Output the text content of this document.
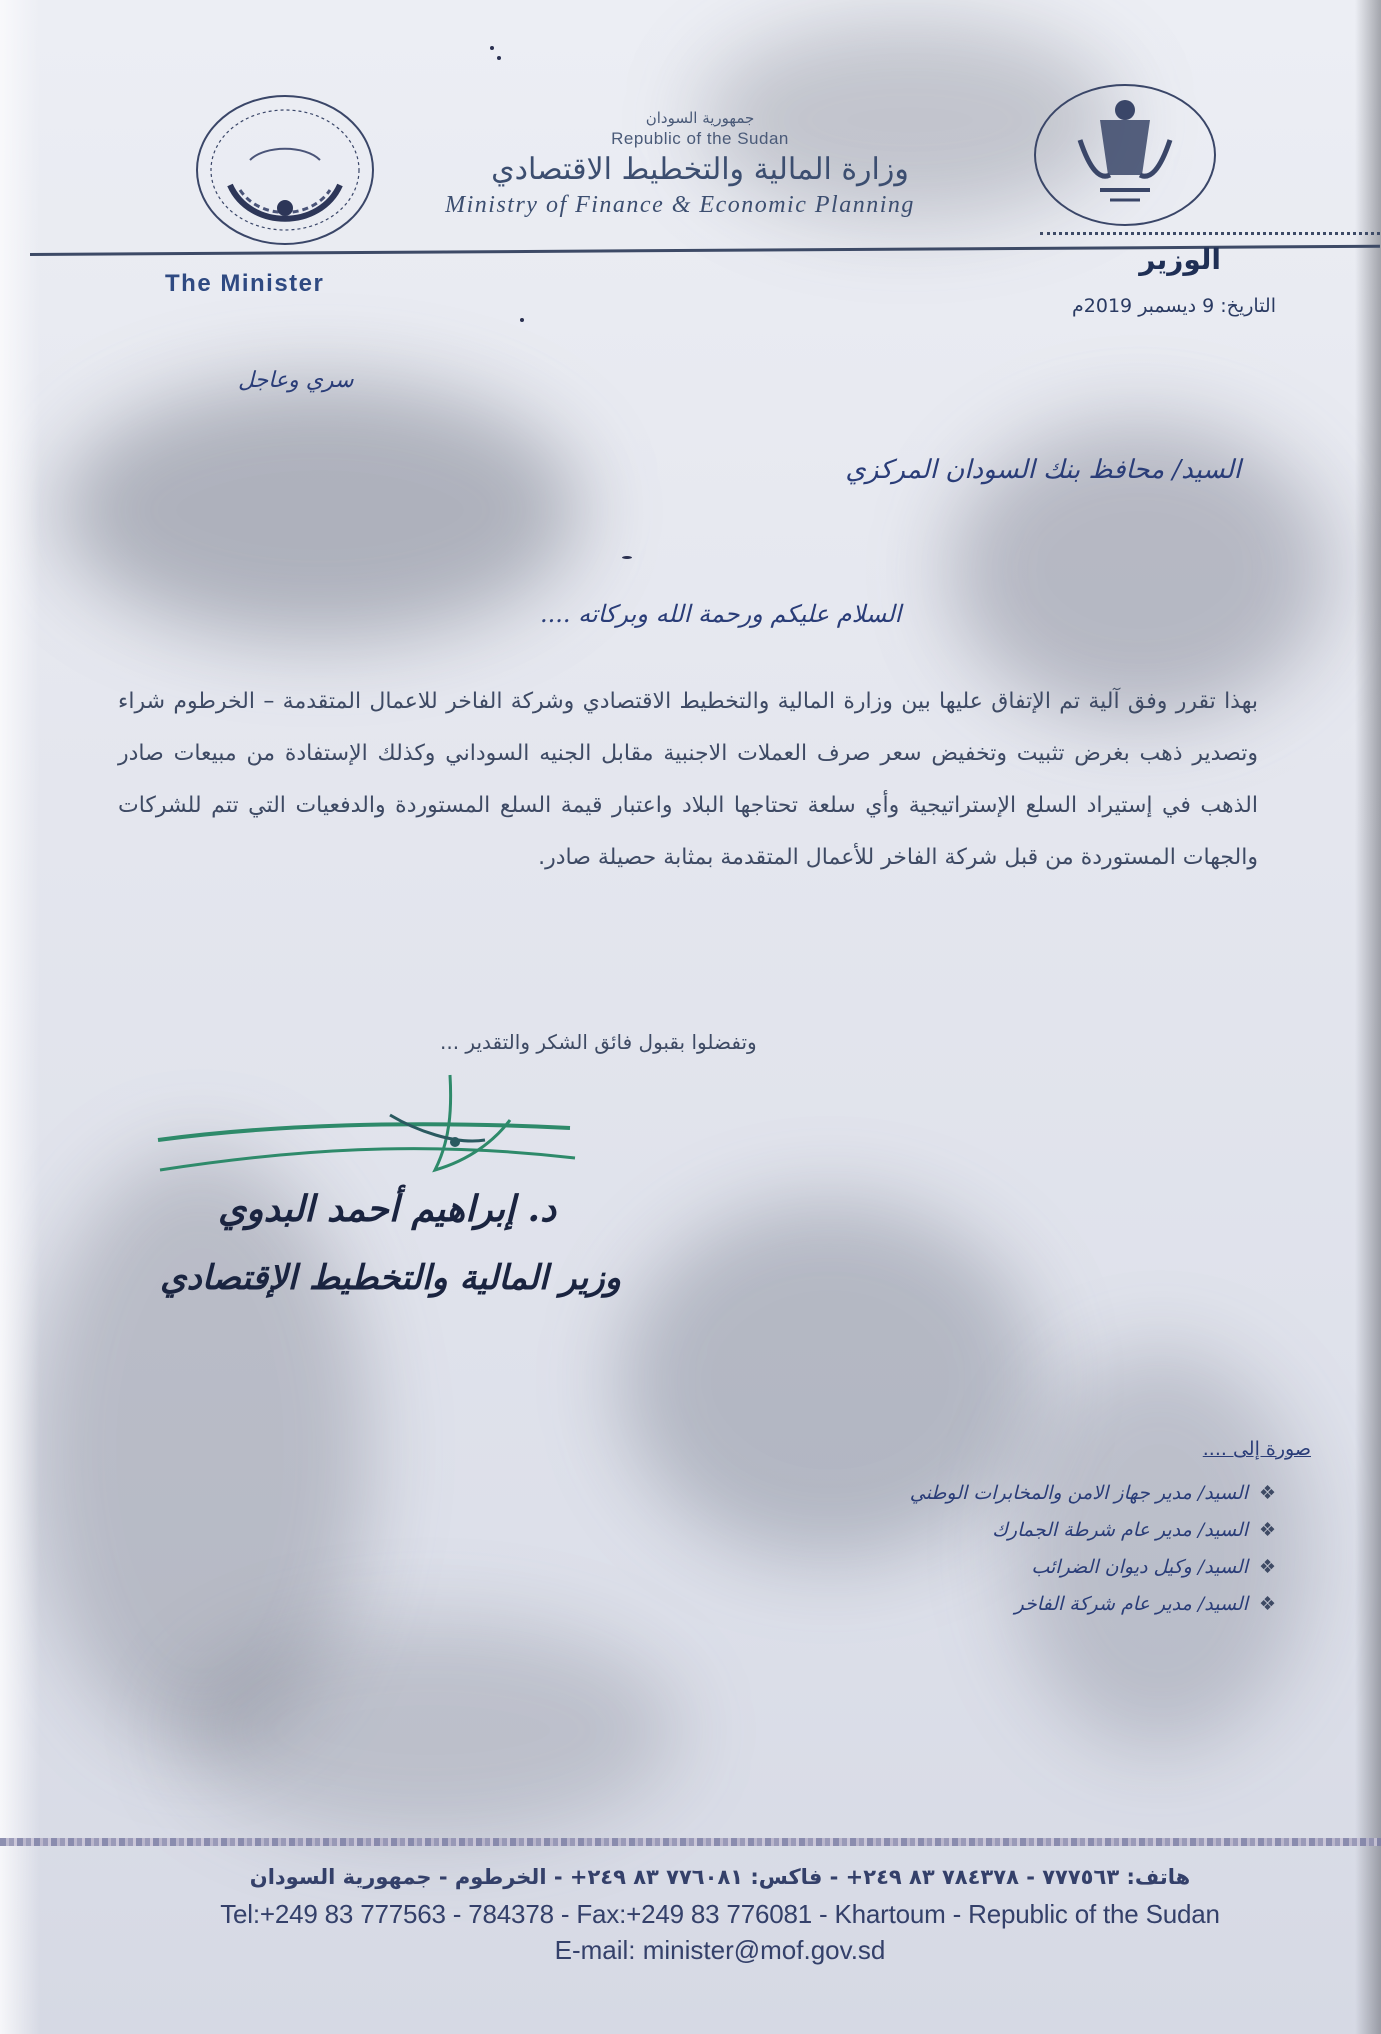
جمهورية السودان
Republic of the Sudan
وزارة المالية والتخطيط الاقتصادي
Ministry of Finance & Economic Planning
The Minister
الوزير
التاريخ: 9 ديسمبر 2019م
سري وعاجل
السيد/ محافظ بنك السودان المركزي
السلام عليكم ورحمة الله وبركاته ....
بهذا تقرر وفق آلية تم الإتفاق عليها بين وزارة المالية والتخطيط الاقتصادي وشركة الفاخر للاعمال المتقدمة – الخرطوم شراء وتصدير ذهب بغرض تثبيت وتخفيض سعر صرف العملات الاجنبية مقابل الجنيه السوداني وكذلك الإستفادة من مبيعات صادر الذهب في إستيراد السلع الإستراتيجية وأي سلعة تحتاجها البلاد واعتبار قيمة السلع المستوردة والدفعيات التي تتم للشركات والجهات المستوردة من قبل شركة الفاخر للأعمال المتقدمة بمثابة حصيلة صادر.
وتفضلوا بقبول فائق الشكر والتقدير ...
د. إبراهيم أحمد البدوي
وزير المالية والتخطيط الإقتصادي
صورة إلى ....
❖السيد/ مدير جهاز الامن والمخابرات الوطني
❖السيد/ مدير عام شرطة الجمارك
❖السيد/ وكيل ديوان الضرائب
❖السيد/ مدير عام شركة الفاخر
هاتف: ٧٧٧٥٦٣ - ٧٨٤٣٧٨ ٨٣ ٢٤٩+ - فاكس: ٧٧٦٠٨١ ٨٣ ٢٤٩+ - الخرطوم - جمهورية السودان
Tel:+249 83 777563 - 784378 - Fax:+249 83 776081 - Khartoum - Republic of the Sudan
E-mail: minister@mof.gov.sd
